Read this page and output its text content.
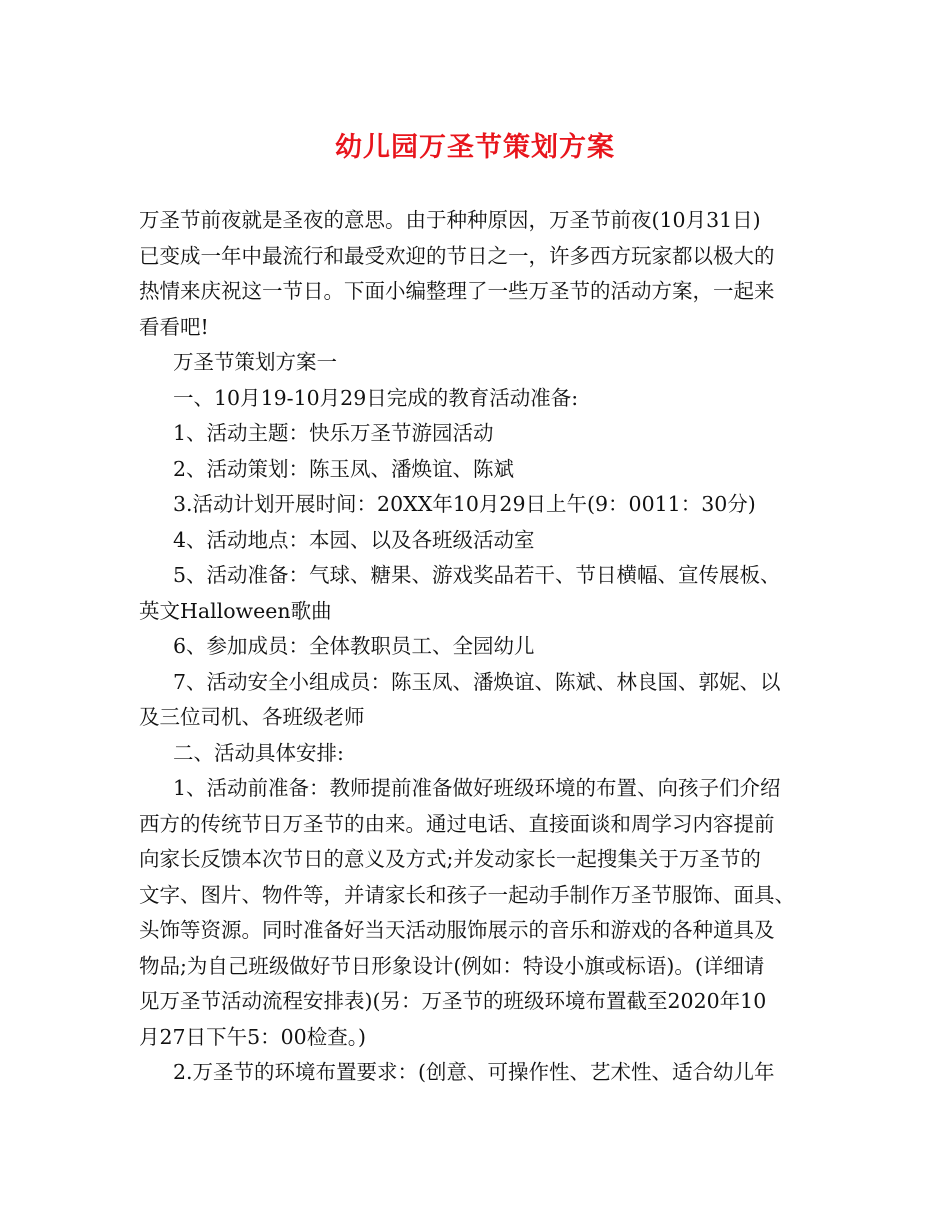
幼儿园万圣节策划方案
万圣节前夜就是圣夜的意思。由于种种原因，万圣节前夜(10月31日)
已变成一年中最流行和最受欢迎的节日之一，许多西方玩家都以极大的
热情来庆祝这一节日。下面小编整理了一些万圣节的活动方案，一起来
看看吧!
万圣节策划方案一
一、10月19-10月29日完成的教育活动准备:
1、活动主题：快乐万圣节游园活动
2、活动策划：陈玉凤、潘焕谊、陈斌
3.活动计划开展时间：20XX年10月29日上午(9：0011：30分)
4、活动地点：本园、以及各班级活动室
5、活动准备：气球、糖果、游戏奖品若干、节日横幅、宣传展板、
英文Halloween歌曲
6、参加成员：全体教职员工、全园幼儿
7、活动安全小组成员：陈玉凤、潘焕谊、陈斌、林良国、郭妮、以
及三位司机、各班级老师
二、活动具体安排:
1、活动前准备：教师提前准备做好班级环境的布置、向孩子们介绍
西方的传统节日万圣节的由来。通过电话、直接面谈和周学习内容提前
向家长反馈本次节日的意义及方式;并发动家长一起搜集关于万圣节的
文字、图片、物件等，并请家长和孩子一起动手制作万圣节服饰、面具、
头饰等资源。同时准备好当天活动服饰展示的音乐和游戏的各种道具及
物品;为自己班级做好节日形象设计(例如：特设小旗或标语)。(详细请
见万圣节活动流程安排表)(另：万圣节的班级环境布置截至2020年10
月27日下午5：00检查。)
2.万圣节的环境布置要求：(创意、可操作性、艺术性、适合幼儿年
